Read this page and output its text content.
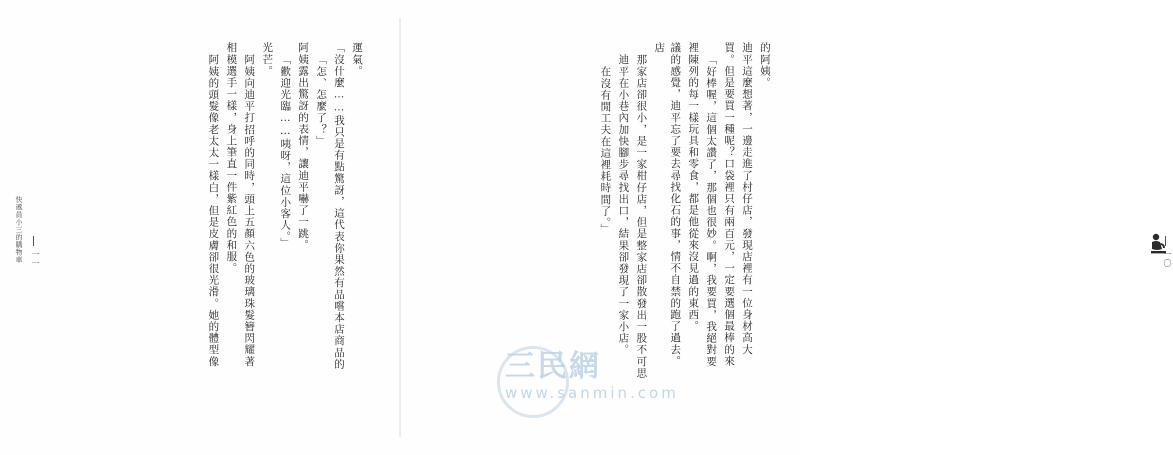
運氣。
「沒什麼……我只是有點驚訝，這代表你果然有品嚐本店商品的
「怎、怎麼了？」
阿姨露出驚訝的表情，讓迪平嚇了一跳。
「歡迎光臨……咦呀，這位小客人。」
光芒。
阿姨向迪平打招呼的同時，頭上五顏六色的玻璃珠髮簪閃耀著
相模選手一樣，身上筆直一件紫紅色的和服。
阿姨的頭髮像老太太一樣白，但是皮膚卻很光滑。她的體型像
一一
快遞員小三的購物車
的阿姨。
迪平這麼想著，一邊走進了村仔店，發現店裡有一位身材高大
買。但是要買一種呢？口袋裡只有兩百元，一定要選個最棒的來
「好棒喔，這個太讚了，那個也很妙。啊，我要買，我絕對要
裡陳列的每一樣玩具和零食，都是他從來沒見過的東西。
議的感覺，迪平忘了要去尋找化石的事，情不自禁的跑了過去。店
那家店卻很小，是一家柑仔店，但是整家店卻散發出一股不可思
迪平在小巷內加快腳步尋找出口，結果卻發現了一家小店。
在沒有閒工夫在這裡耗時間了。」
一〇
三民網
www.sanmin.com
